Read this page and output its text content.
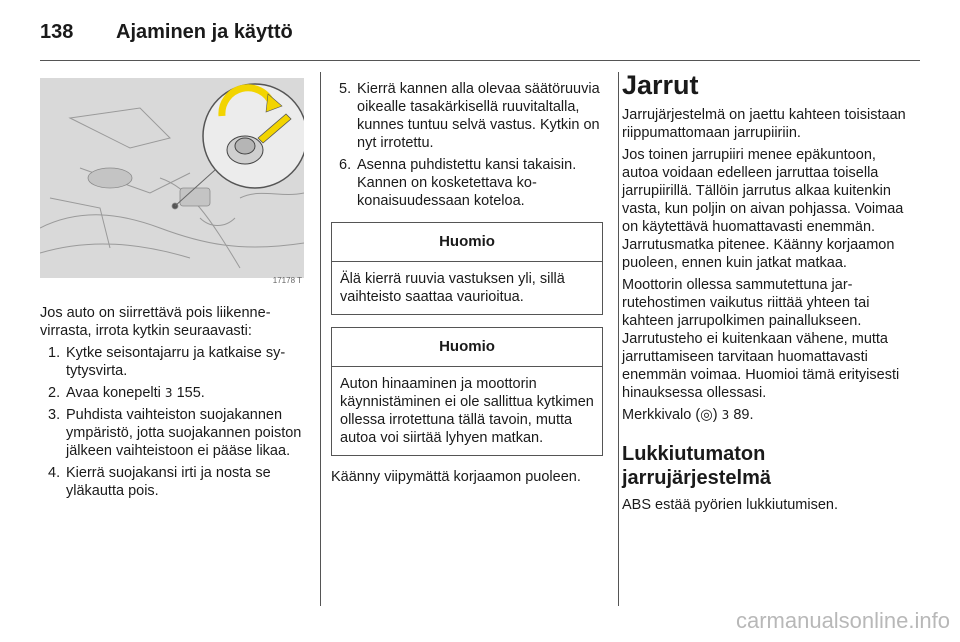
138	Ajaminen ja käyttö
17178 T

Jos auto on siirrettävä pois liikennevirrasta, irrota kytkin seuraavasti:

1. Kytke seisontajarru ja katkaise sytytysvirta.
2. Avaa konepelti 3 155.
3. Puhdista vaihteiston suojakannen ympäristö, jotta suojakannen poiston jälkeen vaihteistoon ei pääse likaa.
4. Kierrä suojakansi irti ja nosta se yläkautta pois.
5. Kierrä kannen alla olevaa säätöruuvia oikealle tasakärkisellä ruuvitaltalla, kunnes tuntuu selvä vastus. Kytkin on nyt irrotettu.
6. Asenna puhdistettu kansi takaisin. Kannen on kosketettava kokonaisuudessaan koteloa.
Huomio
Älä kierrä ruuvia vastuksen yli, sillä vaihteisto saattaa vaurioitua.
Huomio
Auton hinaaminen ja moottorin käynnistäminen ei ole sallittua kytkimen ollessa irrotettuna tällä tavoin, mutta autoa voi siirtää lyhyen matkan.

Käänny viipymättä korjaamon puoleen.

Jarrut

Jarrujärjestelmä on jaettu kahteen toisistaan riippumattomaan jarrupiiriin.

Jos toinen jarrupiiri menee epäkuntoon, autoa voidaan edelleen jarruttaa toisella jarrupiirillä. Tällöin jarrutus alkaa kuitenkin vasta, kun poljin on aivan pohjassa. Voimaa on käytettävä huomattavasti enemmän. Jarrutusmatka pitenee. Käänny korjaamon puoleen, ennen kuin jatkat matkaa.

Moottorin ollessa sammutettuna jarrutehostimen vaikutus riittää yhteen tai kahteen jarrupolkimen painallukseen. Jarrutusteho ei kuitenkaan vähene, mutta jarruttamiseen tarvitaan huomattavasti enemmän voimaa. Huomioi tämä erityisesti hinauksessa ollessasi.

Merkkivalo (◎) 3 89.

Lukkiutumaton
jarrujärjestelmä

ABS estää pyörien lukkiutumisen.

carmanualsonline.info
